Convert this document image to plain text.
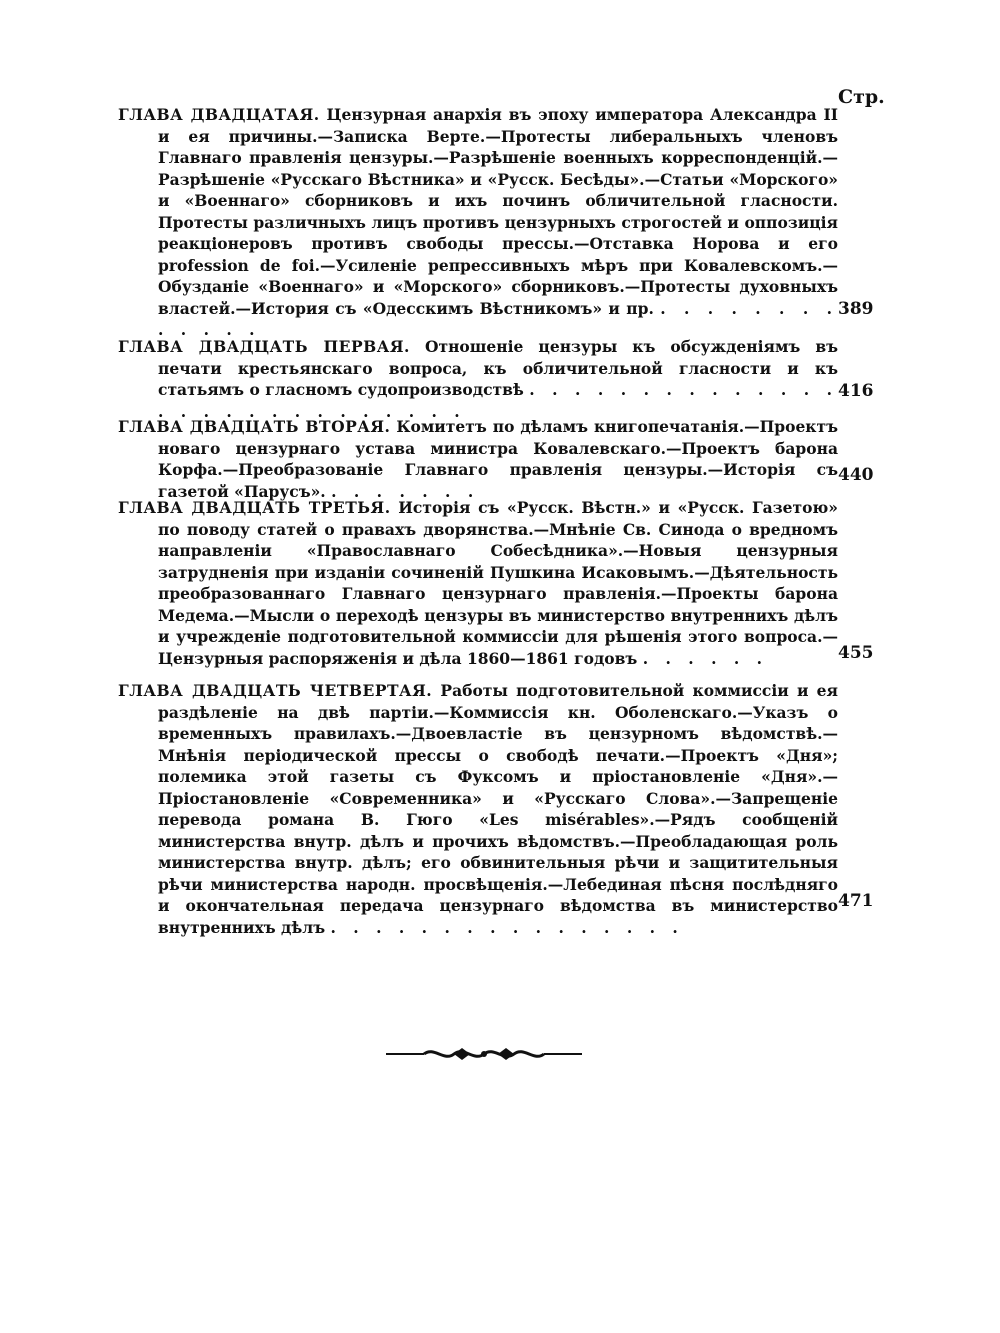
Стр.
ГЛАВА ДВАДЦАТАЯ. Цензурная анархія въ эпоху императора Александра II и ея причины.—Записка Верте.—Протесты либеральныхъ членовъ Главнаго правленія цензуры.—Разрѣшеніе военныхъ корреспонденцій.—Разрѣшеніе «Русскаго Вѣстника» и «Русск. Бесѣды».—Статьи «Морского» и «Военнаго» сборниковъ и ихъ починъ обличительной гласности. Протесты различныхъ лицъ противъ цензурныхъ строгостей и оппозиція реакціонеровъ противъ свободы прессы.—Отставка Норова и его profession de foi.—Усиленіе репрессивныхъ мѣръ при Ковалевскомъ.—Обузданіе «Военнаго» и «Морского» сборниковъ.—Протесты духовныхъ властей.—История съ «Одесскимъ Вѣстникомъ» и пр. . . . . . . . . . . . . .
389
ГЛАВА ДВАДЦАТЬ ПЕРВАЯ. Отношеніе цензуры къ обсужденіямъ въ печати крестьянскаго вопроса, къ обличительной гласности и къ статьямъ о гласномъ судопроизводствѣ . . . . . . . . . . . . . . . . . . . . . . . . . . . .
416
ГЛАВА ДВАДЦАТЬ ВТОРАЯ. Комитетъ по дѣламъ книгопечатанія.—Проектъ новаго цензурнаго устава министра Ковалевскаго.—Проектъ барона Корфа.—Преобразованіе Главнаго правленія цензуры.—Исторія съ газетой «Парусъ». . . . . . . .
440
ГЛАВА ДВАДЦАТЬ ТРЕТЬЯ. Исторія съ «Русск. Вѣстн.» и «Русск. Газетою» по поводу статей о правахъ дворянства.—Мнѣніе Св. Синода о вредномъ направленіи «Православнаго Собесѣдника».—Новыя цензурныя затрудненія при изданіи сочиненій Пушкина Исаковымъ.—Дѣятельность преобразованнаго Главнаго цензурнаго правленія.—Проекты барона Медема.—Мысли о переходѣ цензуры въ министерство внутреннихъ дѣлъ и учрежденіе подготовительной коммиссіи для рѣшенія этого вопроса.—Цензурныя распоряженія и дѣла 1860—1861 годовъ . . . . . .	455
ГЛАВА ДВАДЦАТЬ ЧЕТВЕРТАЯ. Работы подготовительной коммиссіи и ея раздѣленіе на двѣ партіи.—Коммиссія кн. Оболенскаго.—Указъ о временныхъ правилахъ.—Двоевластіе въ цензурномъ вѣдомствѣ.—Мнѣнія періодической прессы о свободѣ печати.—Проектъ «Дня»; полемика этой газеты съ Фуксомъ и пріостановленіе «Дня».—Пріостановленіе «Современника» и «Русскаго Слова».—Запрещеніе перевода романа В. Гюго «Les misérables».—Рядъ сообщеній министерства внутр. дѣлъ и прочихъ вѣдомствъ.—Преобладающая роль министерства внутр. дѣлъ; его обвинительныя рѣчи и защитительныя рѣчи министерства народн. просвѣщенія.—Лебединая пѣсня послѣдняго и окончательная передача цензурнаго вѣдомства въ министерство внутреннихъ дѣлъ . . . . . . . . . . . . . . . .
471
